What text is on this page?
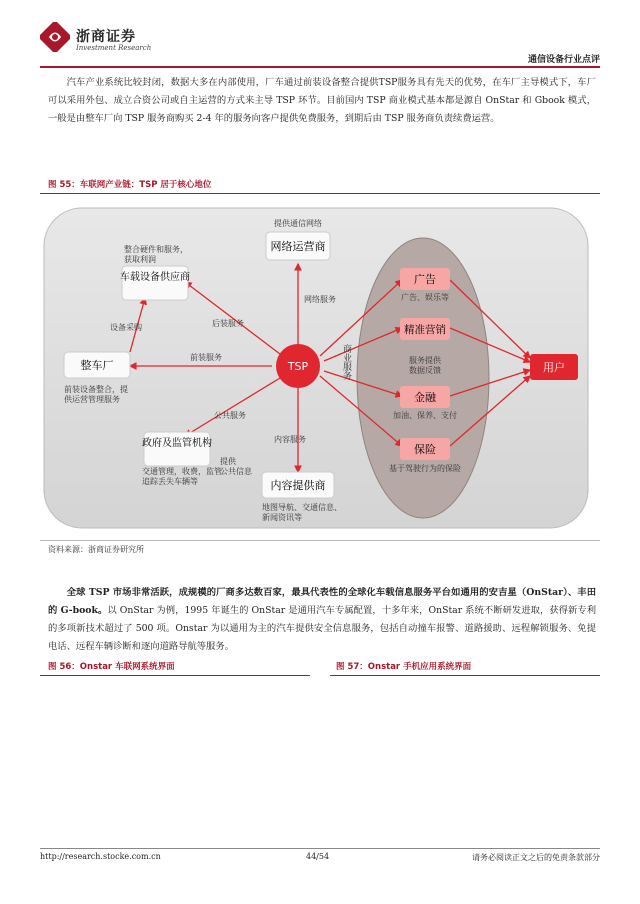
浙商证券
Investment Research
通信设备行业点评
汽车产业系统比较封闭，数据大多在内部使用，厂车通过前装设备整合提供TSP服务具有先天的优势，在车厂主导模式下，车厂可以采用外包、成立合资公司或自主运营的方式来主导 TSP 环节。目前国内 TSP 商业模式基本都是源自 OnStar 和 Gbook 模式，一般是由整车厂向 TSP 服务商购买 2-4 年的服务向客户提供免费服务，到期后由 TSP 服务商负责续费运营。
图 55：车联网产业链：TSP 居于核心地位
TSP
网络运营商
车载设备供应商
整车厂
政府及监管机构
内容提供商
广告
精准营销
金融
保险
用户
提供通信网络
整合硬件和服务，
获取利润
网络服务
设备采购	后装服务
前装服务
前装设备整合，提
供运营管理服务
公共服务
内容服务
交通管理，收费，监管
追踪丢失车辆等
提供
公共信息
地图导航、交通信息、
新闻资讯等
广告、娱乐等
服务提供
数据反馈
加油、保养、支付
基于驾驶行为的保险
商业服务
资料来源：浙商证券研究所
全球 TSP 市场非常活跃，成规模的厂商多达数百家，最具代表性的全球化车载信息服务平台如通用的安吉星（OnStar）、丰田的 G-book。以 OnStar 为例，1995 年诞生的 OnStar 是通用汽车专属配置，十多年来，OnStar 系统不断研发进取，获得新专利的多项新技术超过了 500 项。Onstar 为以通用为主的汽车提供安全信息服务，包括自动撞车报警、道路援助、远程解锁服务、免提电话、远程车辆诊断和逐向道路导航等服务。
图 56：Onstar 车联网系统界面	图 57：Onstar 手机应用系统界面
http://research.stocke.com.cn	44/54	请务必阅读正文之后的免责条款部分
